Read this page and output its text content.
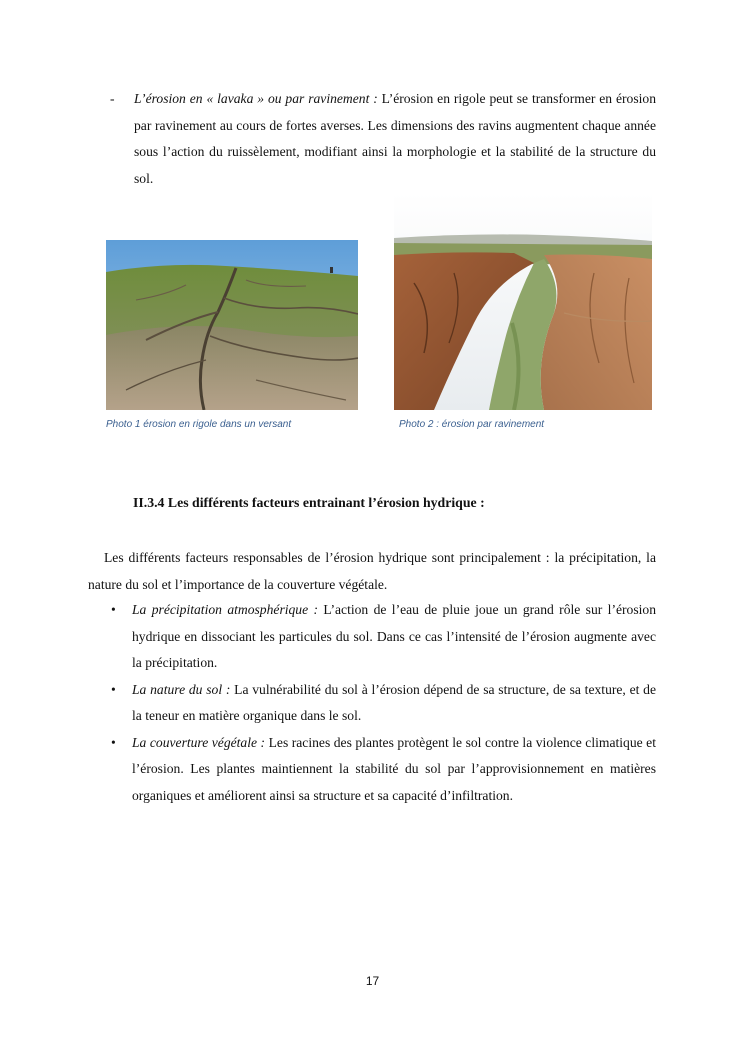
- L’érosion en « lavaka » ou par ravinement : L’érosion en rigole peut se transformer en érosion par ravinement au cours de fortes averses. Les dimensions des ravins augmentent chaque année sous l’action du ruissèlement, modifiant ainsi la morphologie et la stabilité de la structure du sol.
Photo 1 érosion en rigole dans un versant	Photo 2 : érosion par ravinement
II.3.4 Les différents facteurs entrainant l’érosion hydrique :
Les différents facteurs responsables de l’érosion hydrique sont principalement : la précipitation, la nature du sol et l’importance de la couverture végétale.
• La précipitation atmosphérique : L’action de l’eau de pluie joue un grand rôle sur l’érosion hydrique en dissociant les particules du sol. Dans ce cas l’intensité de l’érosion augmente avec la précipitation.
• La nature du sol : La vulnérabilité du sol à l’érosion dépend de sa structure, de sa texture, et de la teneur en matière organique dans le sol.
• La couverture végétale : Les racines des plantes protègent le sol contre la violence climatique et l’érosion. Les plantes maintiennent la stabilité du sol par l’approvisionnement en matières organiques et améliorent ainsi sa structure et sa capacité d’infiltration.
17
